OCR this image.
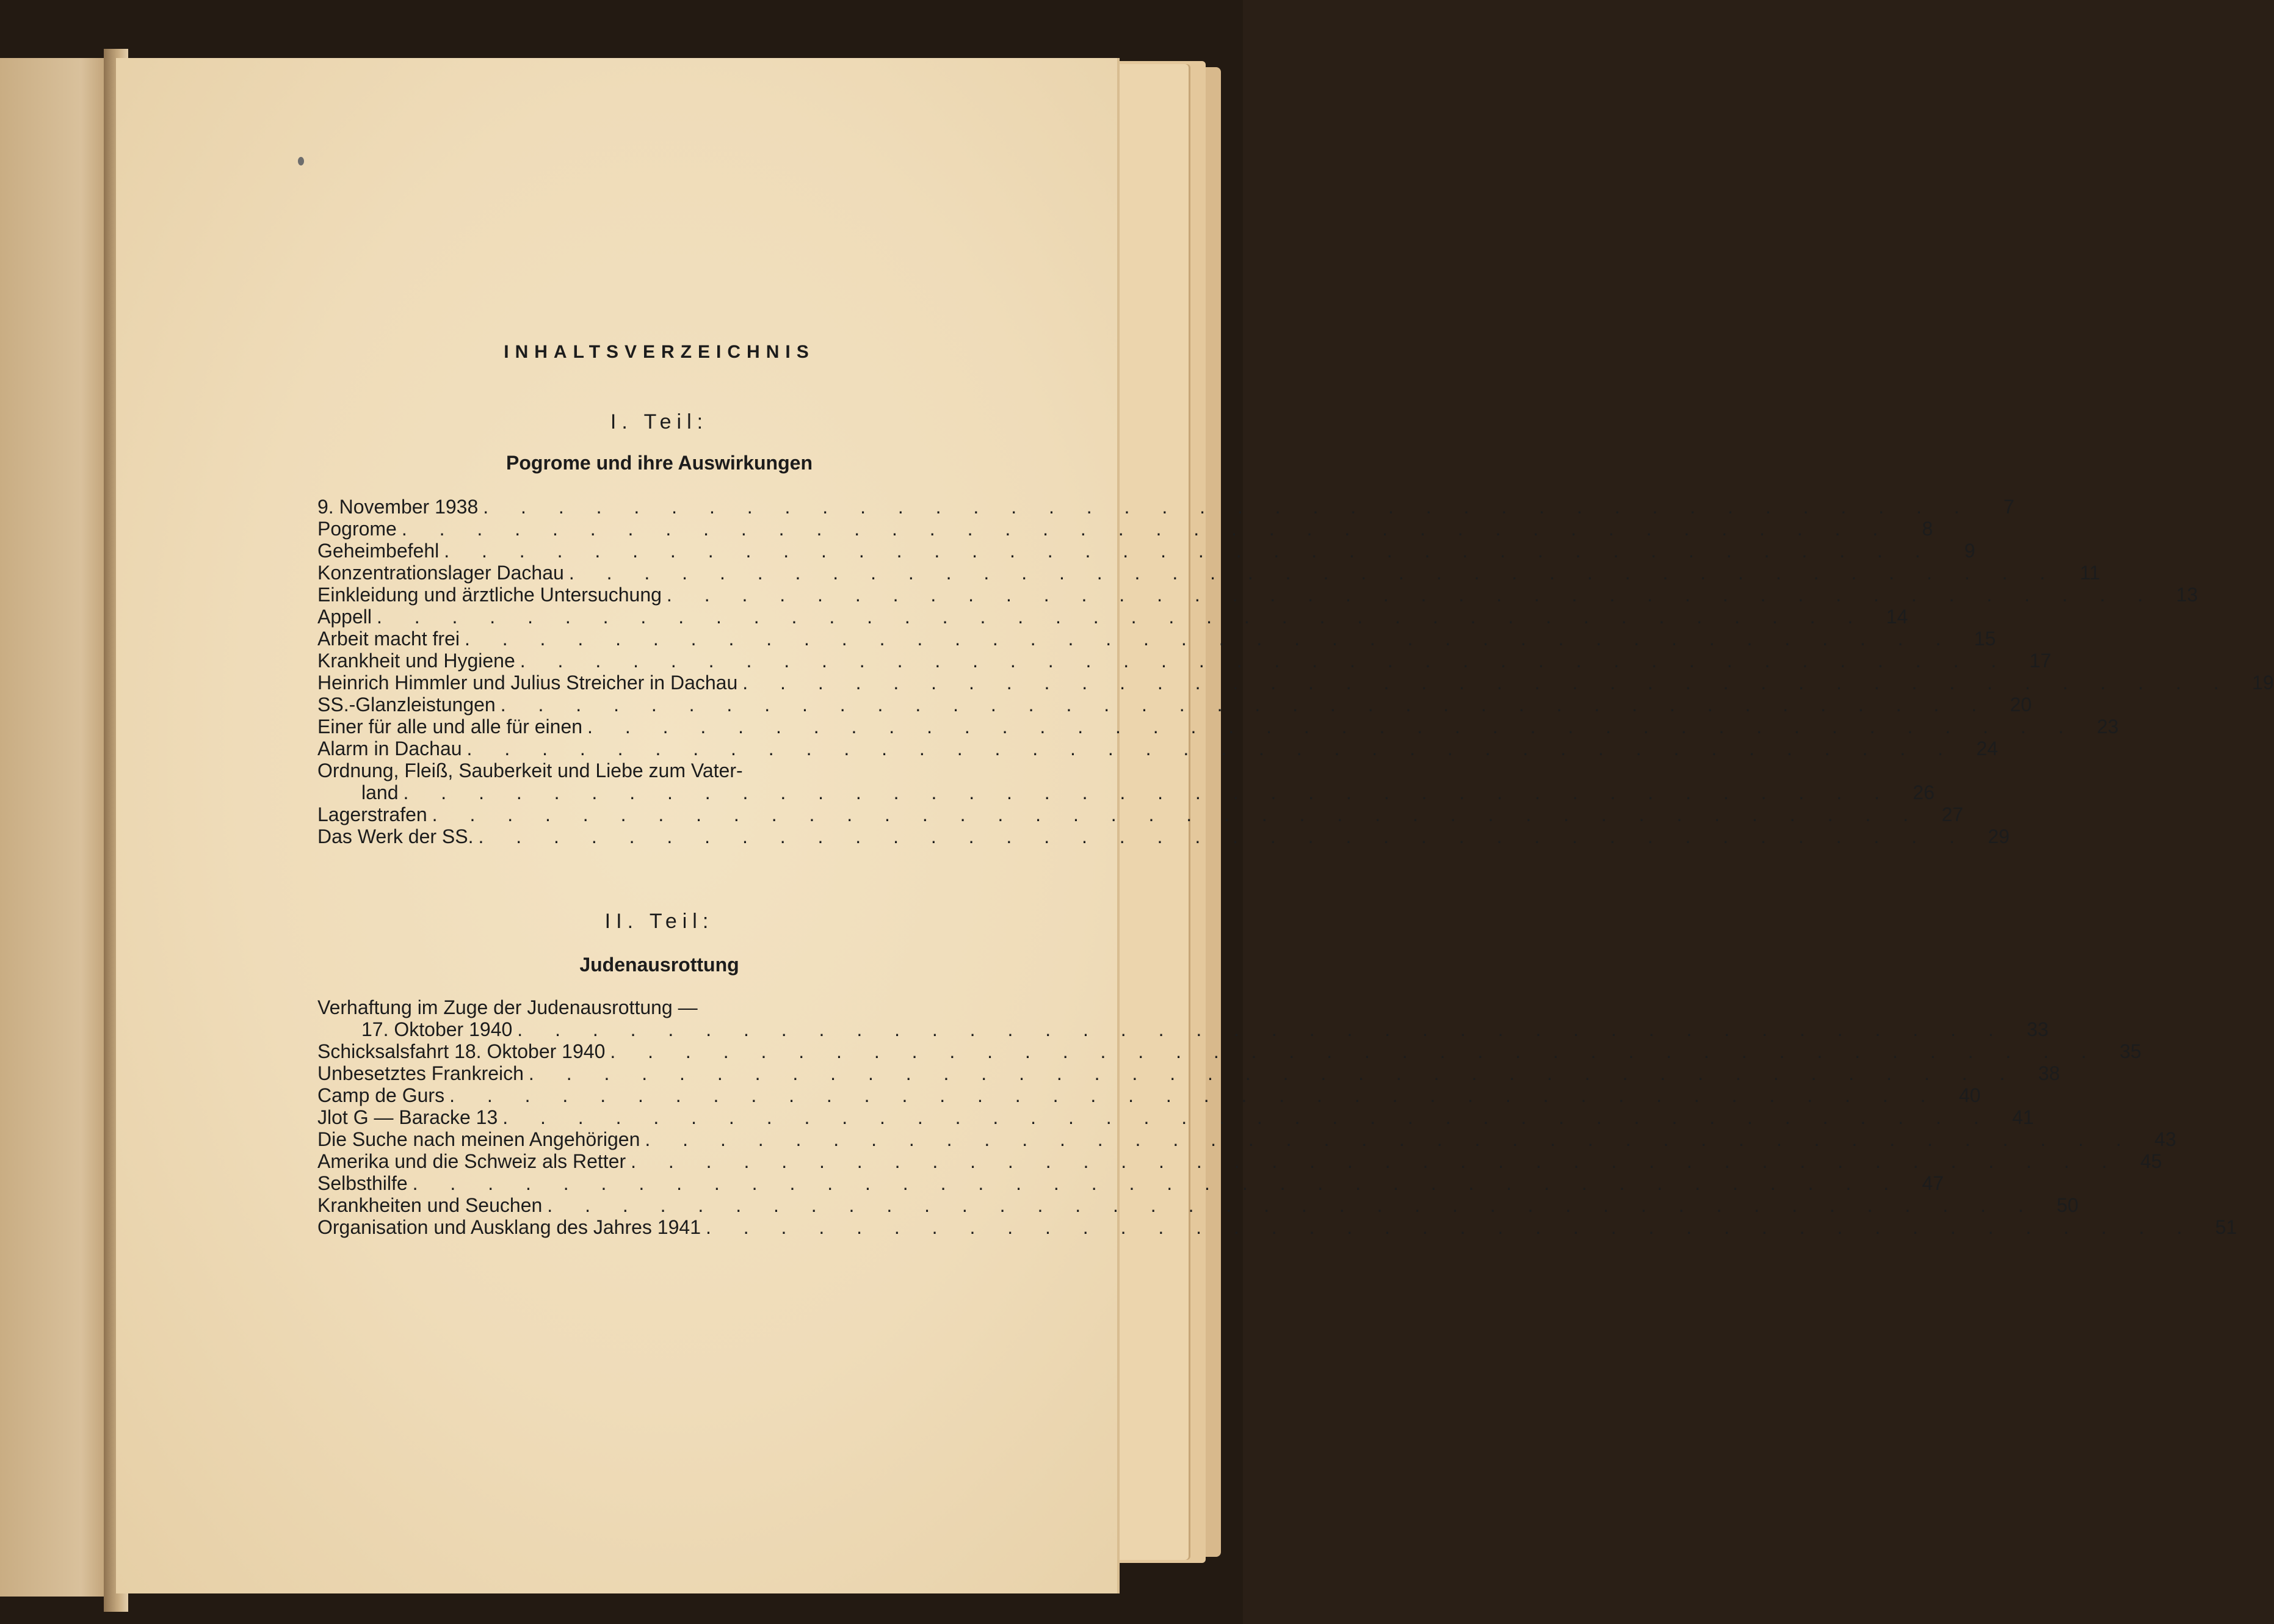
INHALTSVERZEICHNIS
I. Teil:
Pogrome und ihre Auswirkungen
9. November 1938 . . . . . . . . . . . . . . . . . . . . . . . . . . . . . . . . . . . . . . . .	7
Pogrome . . . . . . . . . . . . . . . . . . . . . . . . . . . . . . . . . . . . . . . .	8
Geheimbefehl . . . . . . . . . . . . . . . . . . . . . . . . . . . . . . . . . . . . . . . .	9
Konzentrationslager Dachau . . . . . . . . . . . . . . . . . . . . . . . . . . . . . . . . . . . . . . . .	11
Einkleidung und ärztliche Untersuchung . . . . . . . . . . . . . . . . . . . . . . . . . . . . . . . . . . . . . . . .	13
Appell . . . . . . . . . . . . . . . . . . . . . . . . . . . . . . . . . . . . . . . .	14
Arbeit macht frei . . . . . . . . . . . . . . . . . . . . . . . . . . . . . . . . . . . . . . . .	15
Krankheit und Hygiene . . . . . . . . . . . . . . . . . . . . . . . . . . . . . . . . . . . . . . . .	17
Heinrich Himmler und Julius Streicher in Dachau . . . . . . . . . . . . . . . . . . . . . . . . . . . . . . . . . . . . . . . .	19
SS.-Glanzleistungen . . . . . . . . . . . . . . . . . . . . . . . . . . . . . . . . . . . . . . . .	20
Einer für alle und alle für einen . . . . . . . . . . . . . . . . . . . . . . . . . . . . . . . . . . . . . . . .	23
Alarm in Dachau . . . . . . . . . . . . . . . . . . . . . . . . . . . . . . . . . . . . . . . .	24
Ordnung, Fleiß, Sauberkeit und Liebe zum Vater-
land . . . . . . . . . . . . . . . . . . . . . . . . . . . . . . . . . . . . . . . .	26
Lagerstrafen . . . . . . . . . . . . . . . . . . . . . . . . . . . . . . . . . . . . . . . .	27
Das Werk der SS. . . . . . . . . . . . . . . . . . . . . . . . . . . . . . . . . . . . . . . . .	29
II. Teil:
Judenausrottung
Verhaftung im Zuge der Judenausrottung —
17. Oktober 1940 . . . . . . . . . . . . . . . . . . . . . . . . . . . . . . . . . . . . . . . .	33
Schicksalsfahrt 18. Oktober 1940 . . . . . . . . . . . . . . . . . . . . . . . . . . . . . . . . . . . . . . . .	35
Unbesetztes Frankreich . . . . . . . . . . . . . . . . . . . . . . . . . . . . . . . . . . . . . . . .	38
Camp de Gurs . . . . . . . . . . . . . . . . . . . . . . . . . . . . . . . . . . . . . . . .	40
Jlot G — Baracke 13 . . . . . . . . . . . . . . . . . . . . . . . . . . . . . . . . . . . . . . . .	41
Die Suche nach meinen Angehörigen . . . . . . . . . . . . . . . . . . . . . . . . . . . . . . . . . . . . . . . .	43
Amerika und die Schweiz als Retter . . . . . . . . . . . . . . . . . . . . . . . . . . . . . . . . . . . . . . . .	45
Selbsthilfe . . . . . . . . . . . . . . . . . . . . . . . . . . . . . . . . . . . . . . . .	47
Krankheiten und Seuchen . . . . . . . . . . . . . . . . . . . . . . . . . . . . . . . . . . . . . . . .	50
Organisation und Ausklang des Jahres 1941 . . . . . . . . . . . . . . . . . . . . . . . . . . . . . . . . . . . . . . . .	51
